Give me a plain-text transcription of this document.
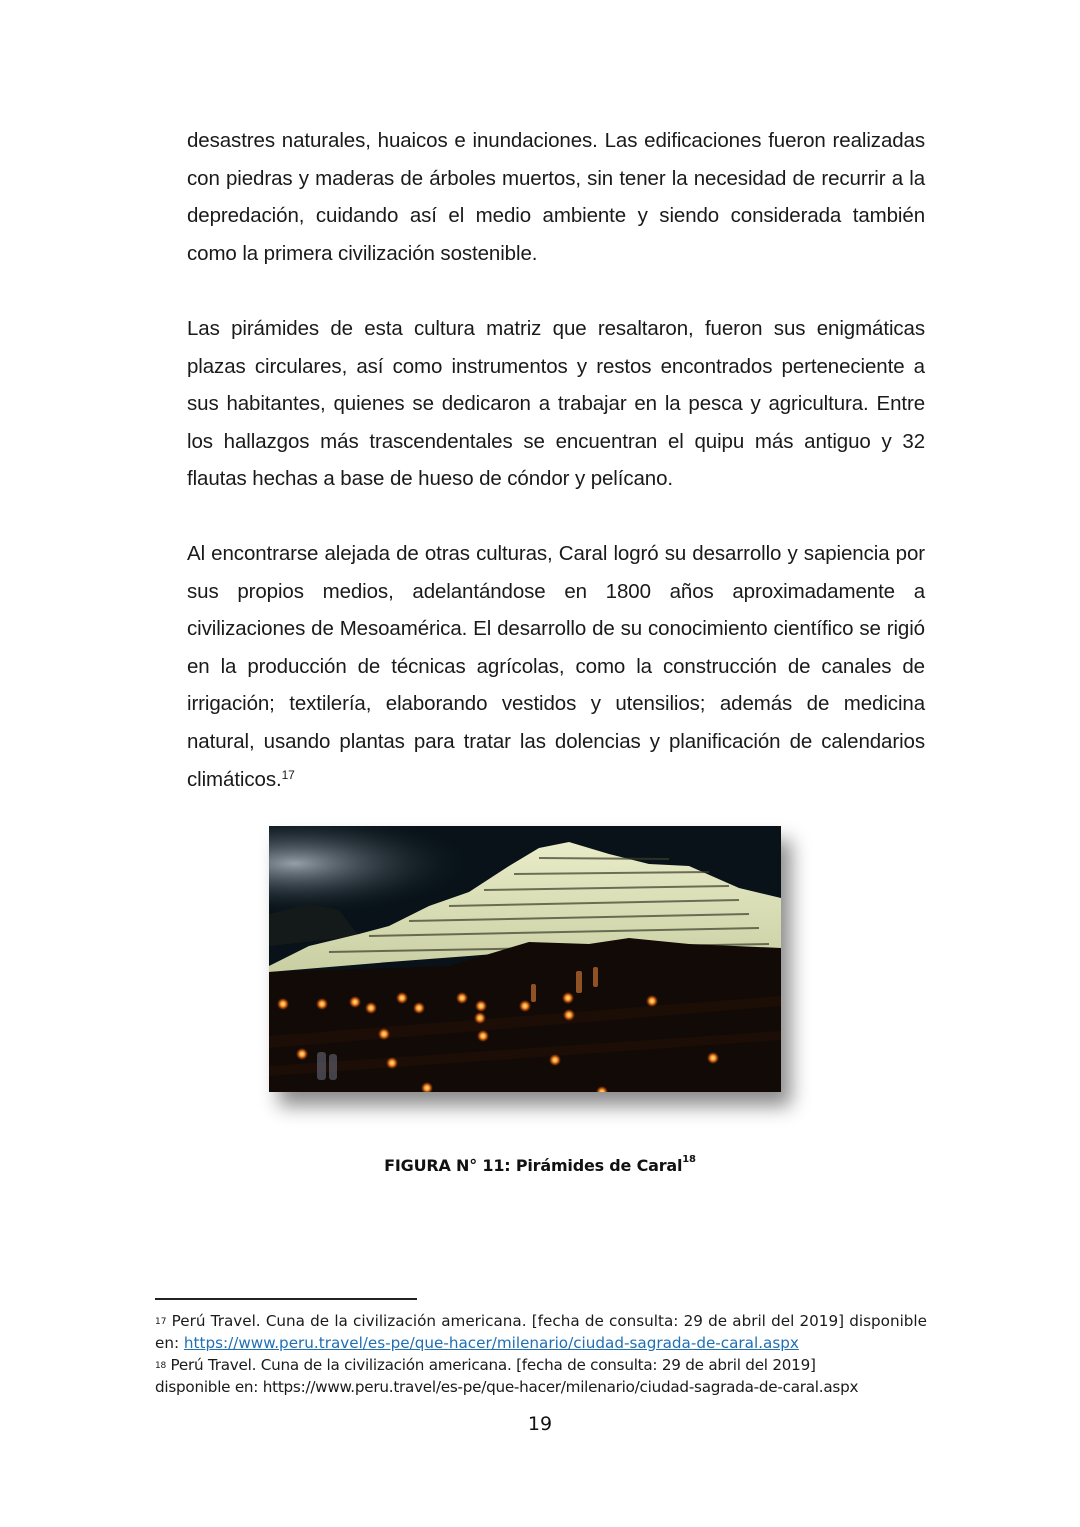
desastres naturales, huaicos e inundaciones. Las edificaciones fueron realizadas con piedras y maderas de árboles muertos, sin tener la necesidad de recurrir a la depredación, cuidando así el medio ambiente y siendo considerada también como la primera civilización sostenible.

Las pirámides de esta cultura matriz que resaltaron, fueron sus enigmáticas plazas circulares, así como instrumentos y restos encontrados perteneciente a sus habitantes, quienes se dedicaron a trabajar en la pesca y agricultura. Entre los hallazgos más trascendentales se encuentran el quipu más antiguo y 32 flautas hechas a base de hueso de cóndor y pelícano.

Al encontrarse alejada de otras culturas, Caral logró su desarrollo y sapiencia por sus propios medios, adelantándose en 1800 años aproximadamente a civilizaciones de Mesoamérica. El desarrollo de su conocimiento científico se rigió en la producción de técnicas agrícolas, como la construcción de canales de irrigación; textilería, elaborando vestidos y utensilios; además de medicina natural, usando plantas para tratar las dolencias y planificación de calendarios climáticos.$^{17}$

FIGURA N° 11: Pirámides de Caral$^{18}$
$^{17}$ Perú Travel. Cuna de la civilización americana. [fecha de consulta: 29 de abril del 2019] disponible en: https://www.peru.travel/es-pe/que-hacer/milenario/ciudad-sagrada-de-caral.aspx
$^{18}$ Perú Travel. Cuna de la civilización americana. [fecha de consulta: 29 de abril del 2019]
disponible en: https://www.peru.travel/es-pe/que-hacer/milenario/ciudad-sagrada-de-caral.aspx
19
